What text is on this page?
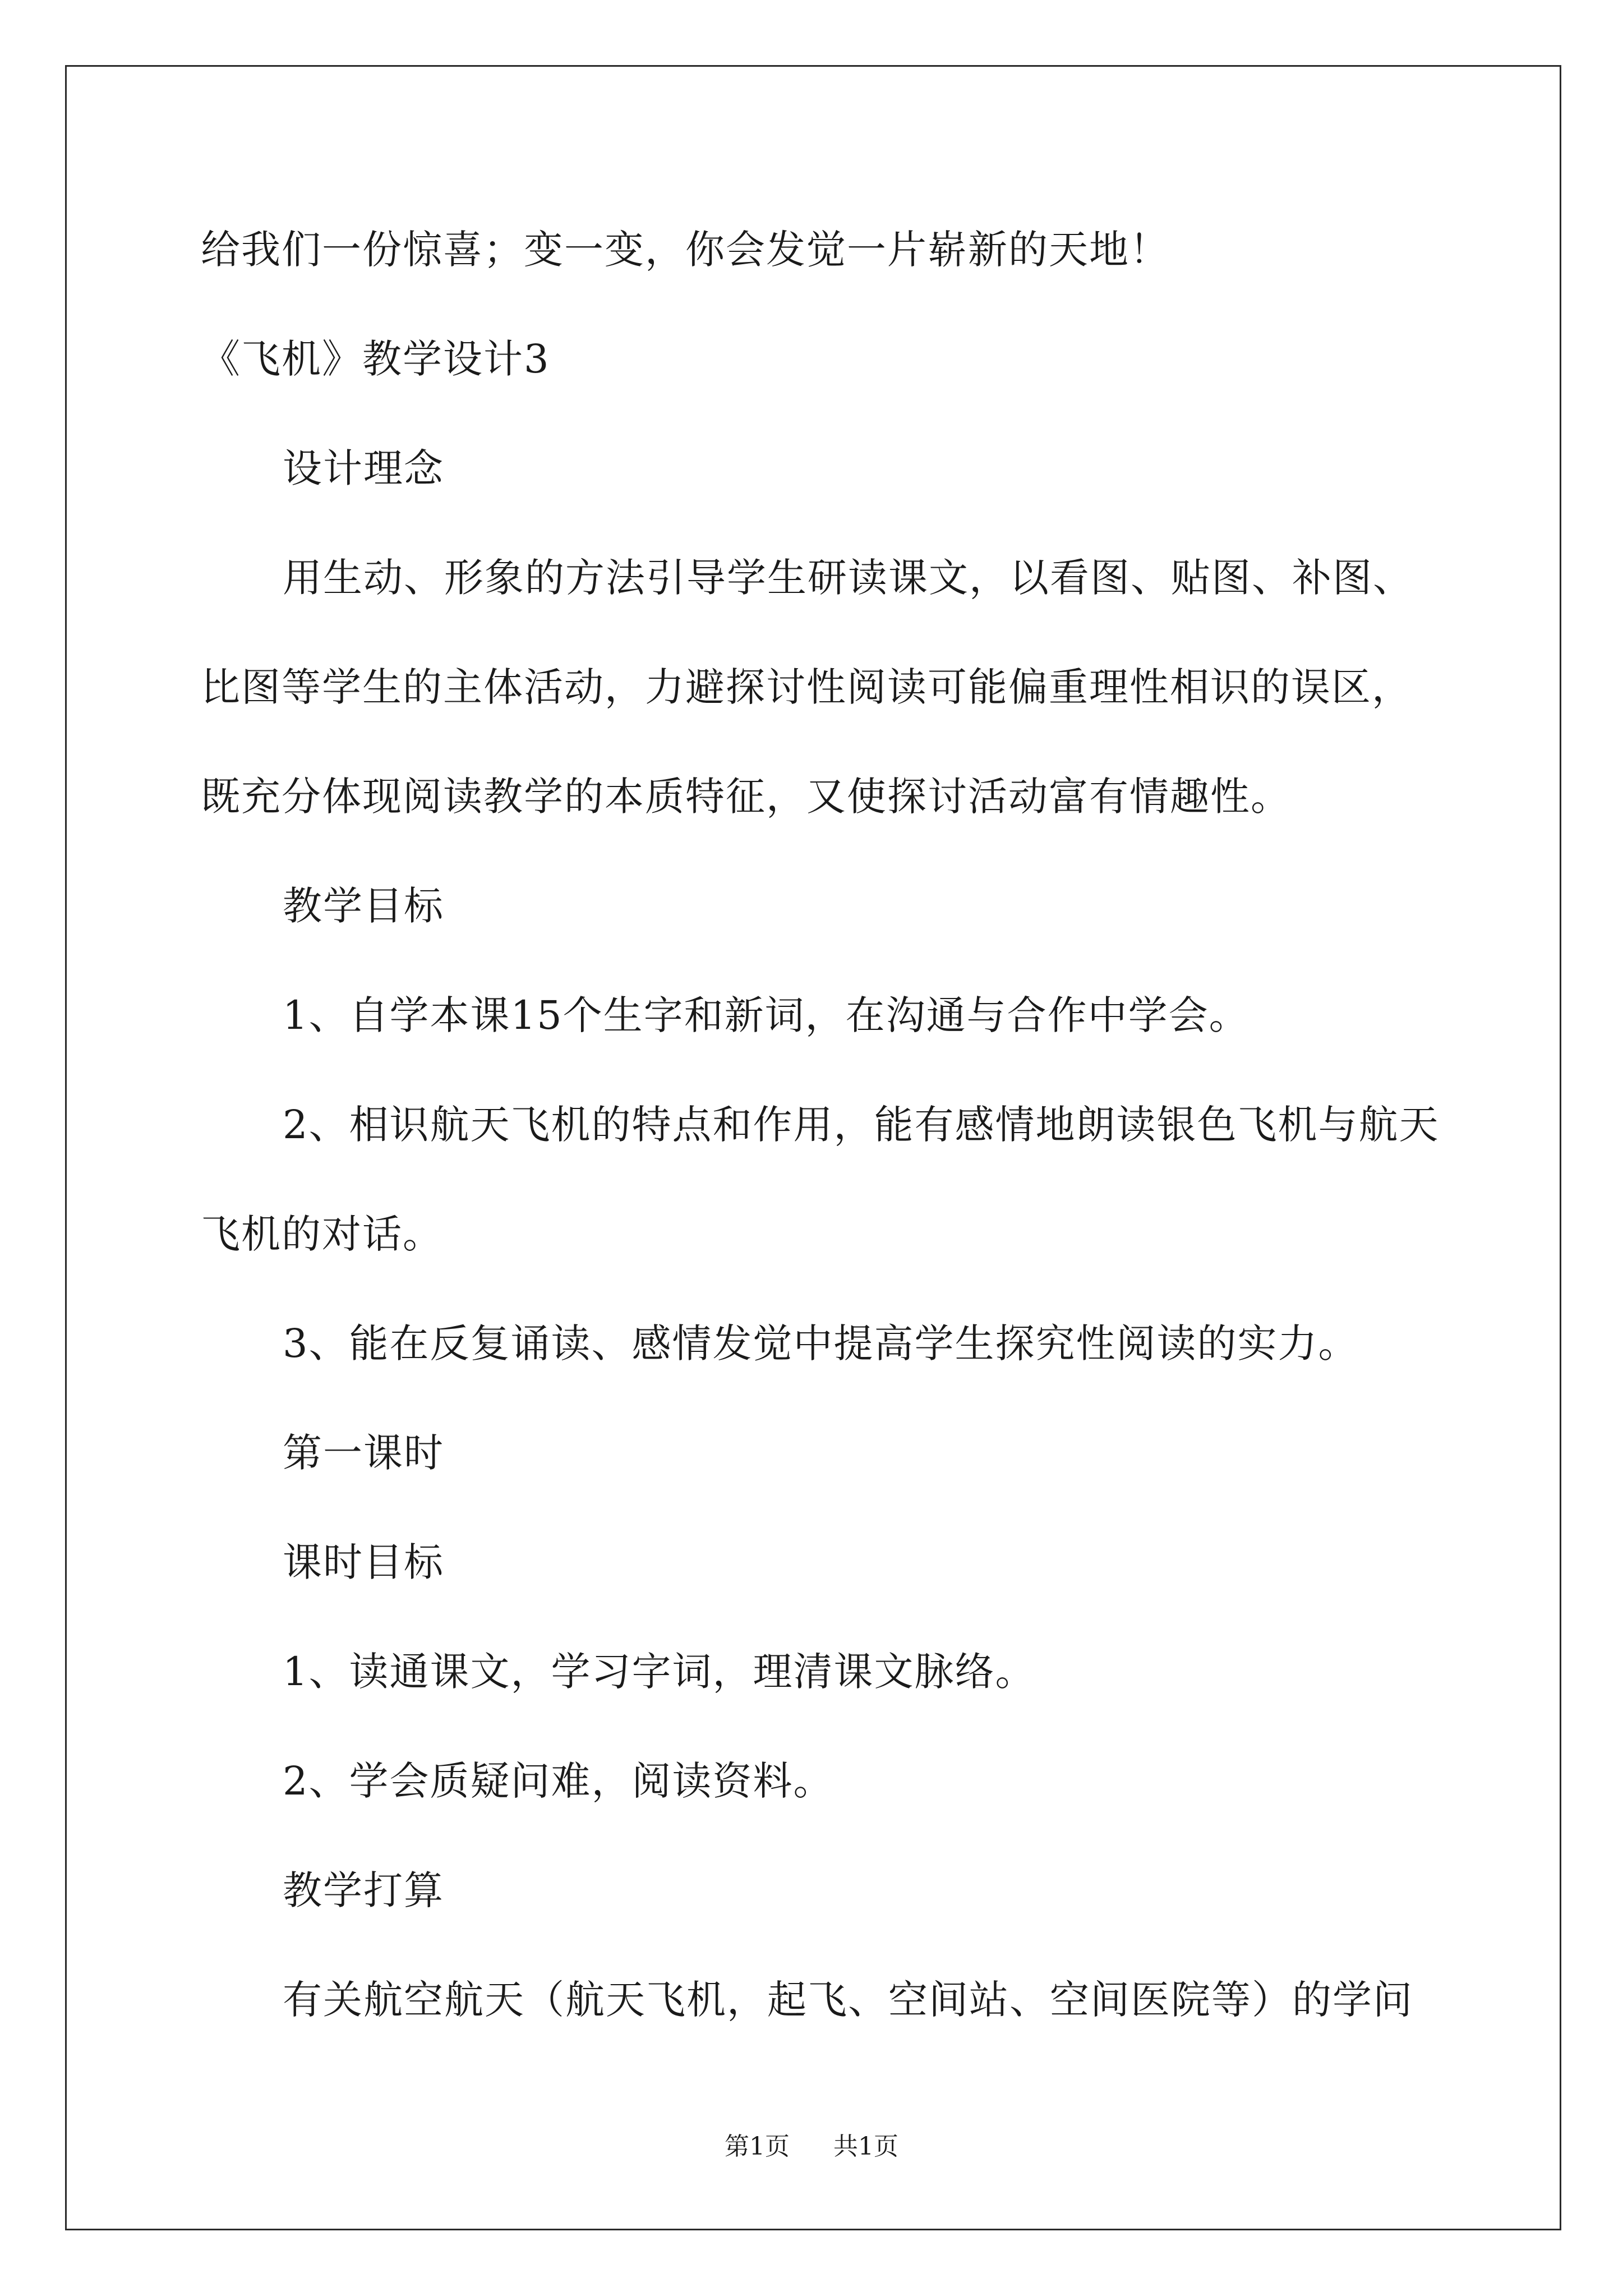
给我们一份惊喜；变一变，你会发觉一片崭新的天地！
《飞机》教学设计3
设计理念
用生动、形象的方法引导学生研读课文，以看图、贴图、补图、
比图等学生的主体活动，力避探讨性阅读可能偏重理性相识的误区，
既充分体现阅读教学的本质特征，又使探讨活动富有情趣性。
教学目标
1、自学本课15个生字和新词，在沟通与合作中学会。
2、相识航天飞机的特点和作用，能有感情地朗读银色飞机与航天
飞机的对话。
3、能在反复诵读、感情发觉中提高学生探究性阅读的实力。
第一课时
课时目标
1、读通课文，学习字词，理清课文脉络。
2、学会质疑问难，阅读资料。
教学打算
有关航空航天（航天飞机，起飞、空间站、空间医院等）的学问
第1页 共1页
